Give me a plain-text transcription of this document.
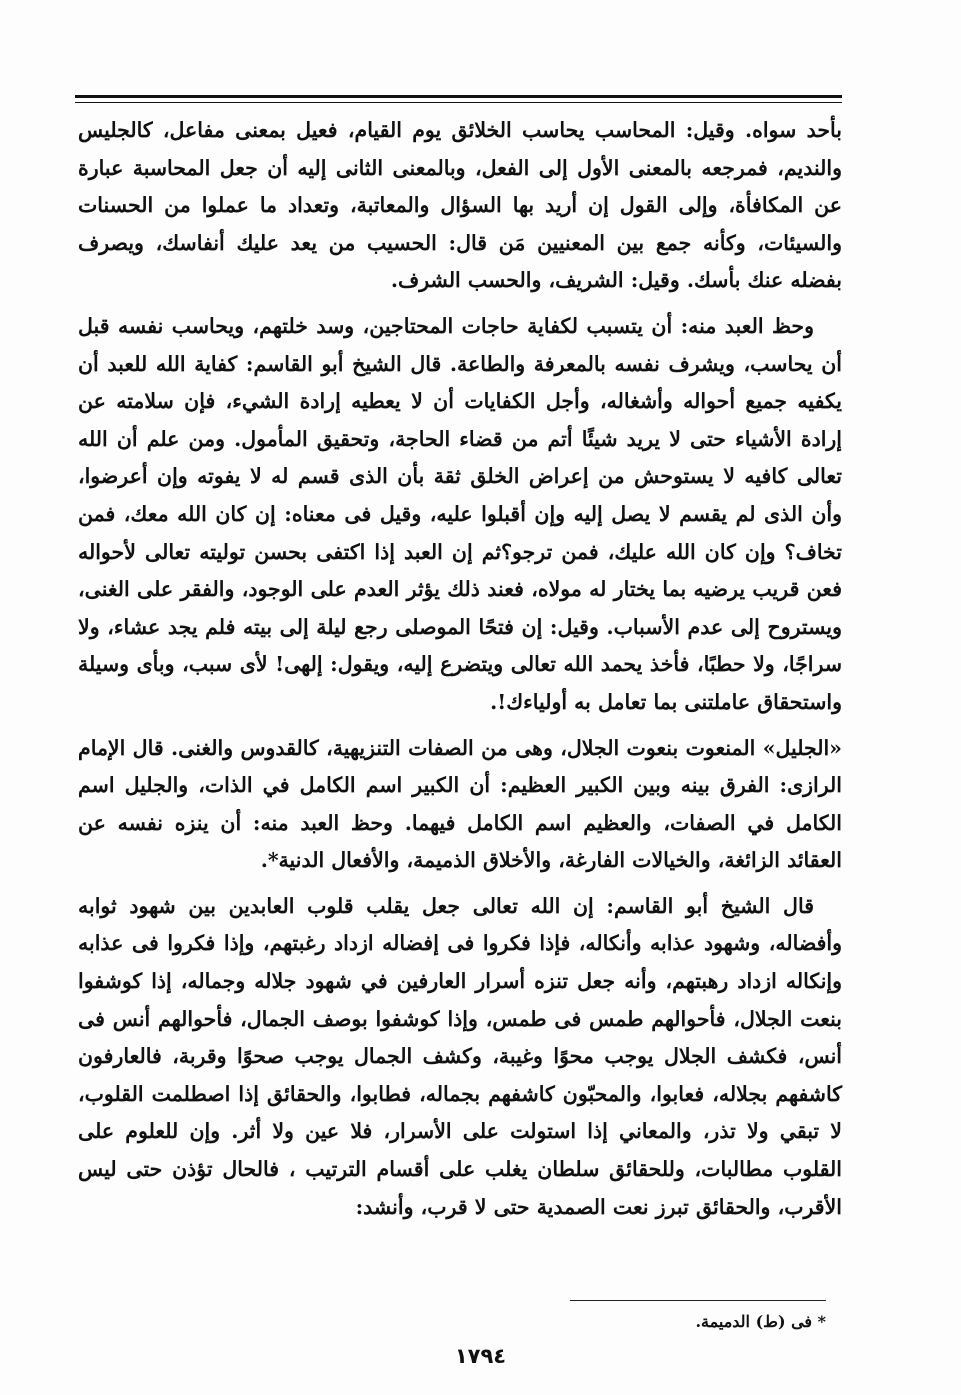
بأحد سواه. وقيل: المحاسب يحاسب الخلائق يوم القيام، فعيل بمعنى مفاعل، كالجليس والنديم، فمرجعه بالمعنى الأول إلى الفعل، وبالمعنى الثانى إليه أن جعل المحاسبة عبارة عن المكافأة، وإلى القول إن أريد بها السؤال والمعاتبة، وتعداد ما عملوا من الحسنات والسيئات، وكأنه جمع بين المعنيين مَن قال: الحسيب من يعد عليك أنفاسك، ويصرف بفضله عنك بأسك. وقيل: الشريف، والحسب الشرف.

وحظ العبد منه: أن يتسبب لكفاية حاجات المحتاجين، وسد خلتهم، ويحاسب نفسه قبل أن يحاسب، ويشرف نفسه بالمعرفة والطاعة. قال الشيخ أبو القاسم: كفاية الله للعبد أن يكفيه جميع أحواله وأشغاله، وأجل الكفايات أن لا يعطيه إرادة الشيء، فإن سلامته عن إرادة الأشياء حتى لا يريد شيئًا أتم من قضاء الحاجة، وتحقيق المأمول. ومن علم أن الله تعالى كافيه لا يستوحش من إعراض الخلق ثقة بأن الذى قسم له لا يفوته وإن أعرضوا، وأن الذى لم يقسم لا يصل إليه وإن أقبلوا عليه، وقيل فى معناه: إن كان الله معك، فمن تخاف؟ وإن كان الله عليك، فمن ترجو؟ثم إن العبد إذا اكتفى بحسن توليته تعالى لأحواله فعن قريب يرضيه بما يختار له مولاه، فعند ذلك يؤثر العدم على الوجود، والفقر على الغنى، ويستروح إلى عدم الأسباب. وقيل: إن فتحًا الموصلى رجع ليلة إلى بيته فلم يجد عشاء، ولا سراجًا، ولا حطبًا، فأخذ يحمد الله تعالى ويتضرع إليه، ويقول: إلهى! لأى سبب، وبأى وسيلة واستحقاق عاملتنى بما تعامل به أولياءك!.

«الجليل» المنعوت بنعوت الجلال، وهى من الصفات التنزيهية، كالقدوس والغنى. قال الإمام الرازى: الفرق بينه وبين الكبير العظيم: أن الكبير اسم الكامل في الذات، والجليل اسم الكامل في الصفات، والعظيم اسم الكامل فيهما. وحظ العبد منه: أن ينزه نفسه عن العقائد الزائغة، والخيالات الفارغة، والأخلاق الذميمة، والأفعال الدنية*.

قال الشيخ أبو القاسم: إن الله تعالى جعل يقلب قلوب العابدين بين شهود ثوابه وأفضاله، وشهود عذابه وأنكاله، فإذا فكروا فى إفضاله ازداد رغبتهم، وإذا فكروا فى عذابه وإنكاله ازداد رهبتهم، وأنه جعل تنزه أسرار العارفين في شهود جلاله وجماله، إذا كوشفوا بنعت الجلال، فأحوالهم طمس فى طمس، وإذا كوشفوا بوصف الجمال، فأحوالهم أنس فى أنس، فكشف الجلال يوجب محوًا وغيبة، وكشف الجمال يوجب صحوًا وقربة، فالعارفون كاشفهم بجلاله، فعابوا، والمحبّون كاشفهم بجماله، فطابوا، والحقائق إذا اصطلمت القلوب، لا تبقي ولا تذر، والمعاني إذا استولت على الأسرار، فلا عين ولا أثر. وإن للعلوم على القلوب مطالبات، وللحقائق سلطان يغلب على أقسام الترتيب ، فالحال تؤذن حتى ليس الأقرب، والحقائق تبرز نعت الصمدية حتى لا قرب، وأنشد:

* فى (ط) الدميمة.
١٧٩٤
